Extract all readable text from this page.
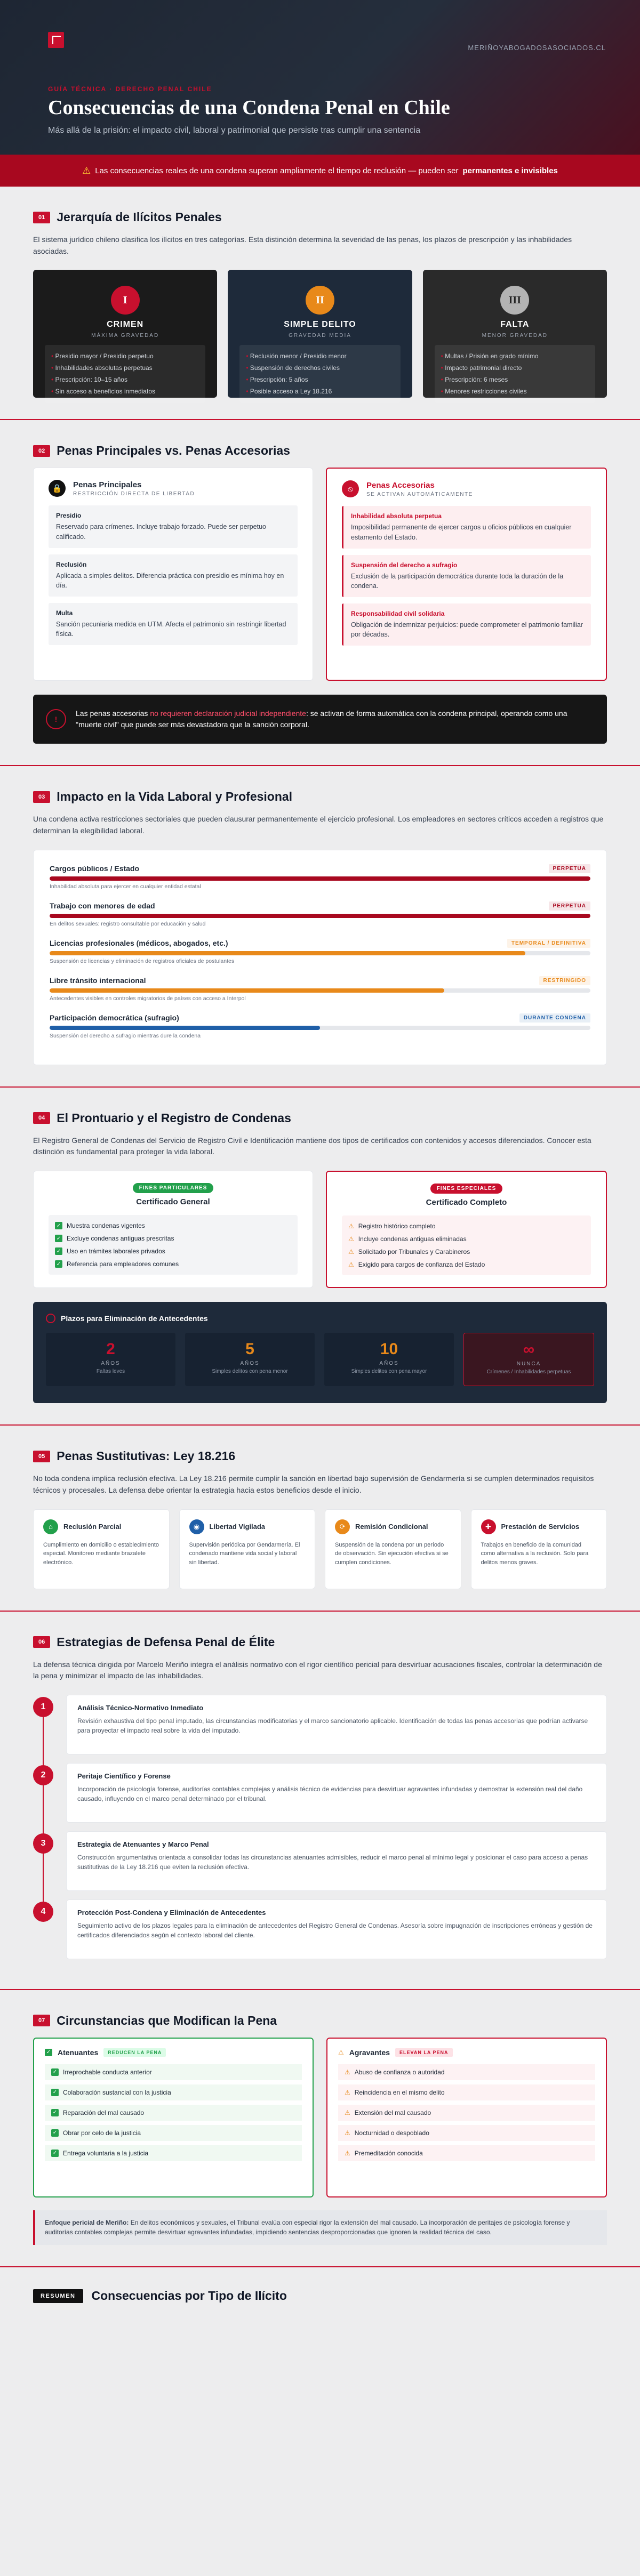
MERIÑOYABOGADOSASOCIADOS.CL
GUÍA TÉCNICA · DERECHO PENAL CHILE
Consecuencias de una Condena Penal en Chile
Más allá de la prisión: el impacto civil, laboral y patrimonial que persiste tras cumplir una sentencia
⚠ Las consecuencias reales de una condena superan ampliamente el tiempo de reclusión — pueden ser permanentes e invisibles
01 Jerarquía de Ilícitos Penales

El sistema jurídico chileno clasifica los ilícitos en tres categorías. Esta distinción determina la severidad de las penas, los plazos de prescripción y las inhabilidades asociadas.

I
CRIMEN
MÁXIMA GRAVEDAD
• Presidio mayor / Presidio perpetuo
• Inhabilidades absolutas perpetuas
• Prescripción: 10–15 años
• Sin acceso a beneficios inmediatos
II
SIMPLE DELITO
GRAVEDAD MEDIA
• Reclusión menor / Presidio menor
• Suspensión de derechos civiles
• Prescripción: 5 años
• Posible acceso a Ley 18.216
III
FALTA
MENOR GRAVEDAD
• Multas / Prisión en grado mínimo
• Impacto patrimonial directo
• Prescripción: 6 meses
• Menores restricciones civiles
02 Penas Principales vs. Penas Accesorias
🔒	Penas Principales
RESTRICCIÓN DIRECTA DE LIBERTAD
Presidio
Reservado para crímenes. Incluye trabajo forzado. Puede ser perpetuo calificado.
Reclusión
Aplicada a simples delitos. Diferencia práctica con presidio es mínima hoy en día.
Multa
Sanción pecuniaria medida en UTM. Afecta el patrimonio sin restringir libertad física.
⦸	Penas Accesorias
SE ACTIVAN AUTOMÁTICAMENTE
Inhabilidad absoluta perpetua
Imposibilidad permanente de ejercer cargos u oficios públicos en cualquier estamento del Estado.
Suspensión del derecho a sufragio
Exclusión de la participación democrática durante toda la duración de la condena.
Responsabilidad civil solidaria
Obligación de indemnizar perjuicios: puede comprometer el patrimonio familiar por décadas.
!

Las penas accesorias no requieren declaración judicial independiente: se activan de forma automática con la condena principal, operando como una "muerte civil" que puede ser más devastadora que la sanción corporal.

03 Impacto en la Vida Laboral y Profesional

Una condena activa restricciones sectoriales que pueden clausurar permanentemente el ejercicio profesional. Los empleadores en sectores críticos acceden a registros que determinan la elegibilidad laboral.

Cargos públicos / Estado	PERPETUA
Inhabilidad absoluta para ejercer en cualquier entidad estatal
Trabajo con menores de edad	PERPETUA
En delitos sexuales: registro consultable por educación y salud
Licencias profesionales (médicos, abogados, etc.)	TEMPORAL / DEFINITIVA
Suspensión de licencias y eliminación de registros oficiales de postulantes
Libre tránsito internacional	RESTRINGIDO
Antecedentes visibles en controles migratorios de países con acceso a Interpol
Participación democrática (sufragio)	DURANTE CONDENA
Suspensión del derecho a sufragio mientras dure la condena
04 El Prontuario y el Registro de Condenas

El Registro General de Condenas del Servicio de Registro Civil e Identificación mantiene dos tipos de certificados con contenidos y accesos diferenciados. Conocer esta distinción es fundamental para proteger la vida laboral.

FINES PARTICULARES
Certificado General
✓ Muestra condenas vigentes
✓ Excluye condenas antiguas prescritas
✓ Uso en trámites laborales privados
✓ Referencia para empleadores comunes
FINES ESPECIALES
Certificado Completo
⚠ Registro histórico completo
⚠ Incluye condenas antiguas eliminadas
⚠ Solicitado por Tribunales y Carabineros
⚠ Exigido para cargos de confianza del Estado
Plazos para Eliminación de Antecedentes
2
AÑOS
Faltas leves
5
AÑOS
Simples delitos con pena menor
10
AÑOS
Simples delitos con pena mayor
∞
NUNCA
Crímenes / Inhabilidades perpetuas
05 Penas Sustitutivas: Ley 18.216

No toda condena implica reclusión efectiva. La Ley 18.216 permite cumplir la sanción en libertad bajo supervisión de Gendarmería si se cumplen determinados requisitos técnicos y procesales. La defensa debe orientar la estrategia hacia estos beneficios desde el inicio.

⌂	Reclusión Parcial

Cumplimiento en domicilio o establecimiento especial. Monitoreo mediante brazalete electrónico.

◉	Libertad Vigilada

Supervisión periódica por Gendarmería. El condenado mantiene vida social y laboral sin libertad.

⟳	Remisión Condicional

Suspensión de la condena por un período de observación. Sin ejecución efectiva si se cumplen condiciones.

✚	Prestación de Servicios

Trabajos en beneficio de la comunidad como alternativa a la reclusión. Solo para delitos menos graves.

06 Estrategias de Defensa Penal de Élite

La defensa técnica dirigida por Marcelo Meriño integra el análisis normativo con el rigor científico pericial para desvirtuar acusaciones fiscales, controlar la determinación de la pena y minimizar el impacto de las inhabilidades.

1	Análisis Técnico-Normativo Inmediato
Revisión exhaustiva del tipo penal imputado, las circunstancias modificatorias y el marco sancionatorio aplicable. Identificación de todas las penas accesorias que podrían activarse para proyectar el impacto real sobre la vida del imputado.
2	Peritaje Científico y Forense
Incorporación de psicología forense, auditorías contables complejas y análisis técnico de evidencias para desvirtuar agravantes infundadas y demostrar la extensión real del daño causado, influyendo en el marco penal determinado por el tribunal.
3	Estrategia de Atenuantes y Marco Penal
Construcción argumentativa orientada a consolidar todas las circunstancias atenuantes admisibles, reducir el marco penal al mínimo legal y posicionar el caso para acceso a penas sustitutivas de la Ley 18.216 que eviten la reclusión efectiva.
4	Protección Post-Condena y Eliminación de Antecedentes
Seguimiento activo de los plazos legales para la eliminación de antecedentes del Registro General de Condenas. Asesoría sobre impugnación de inscripciones erróneas y gestión de certificados diferenciados según el contexto laboral del cliente.
07 Circunstancias que Modifican la Pena
✓ Atenuantes	REDUCEN LA PENA
✓ Irreprochable conducta anterior
✓ Colaboración sustancial con la justicia
✓ Reparación del mal causado
✓ Obrar por celo de la justicia
✓ Entrega voluntaria a la justicia
⚠ Agravantes	ELEVAN LA PENA
⚠ Abuso de confianza o autoridad
⚠ Reincidencia en el mismo delito
⚠ Extensión del mal causado
⚠ Nocturnidad o despoblado
⚠ Premeditación conocida
Enfoque pericial de Meriño: En delitos económicos y sexuales, el Tribunal evalúa con especial rigor la extensión del mal causado. La incorporación de peritajes de psicología forense y auditorías contables complejas permite desvirtuar agravantes infundadas, impidiendo sentencias desproporcionadas que ignoren la realidad técnica del caso.
RESUMEN	Consecuencias por Tipo de Ilícito
